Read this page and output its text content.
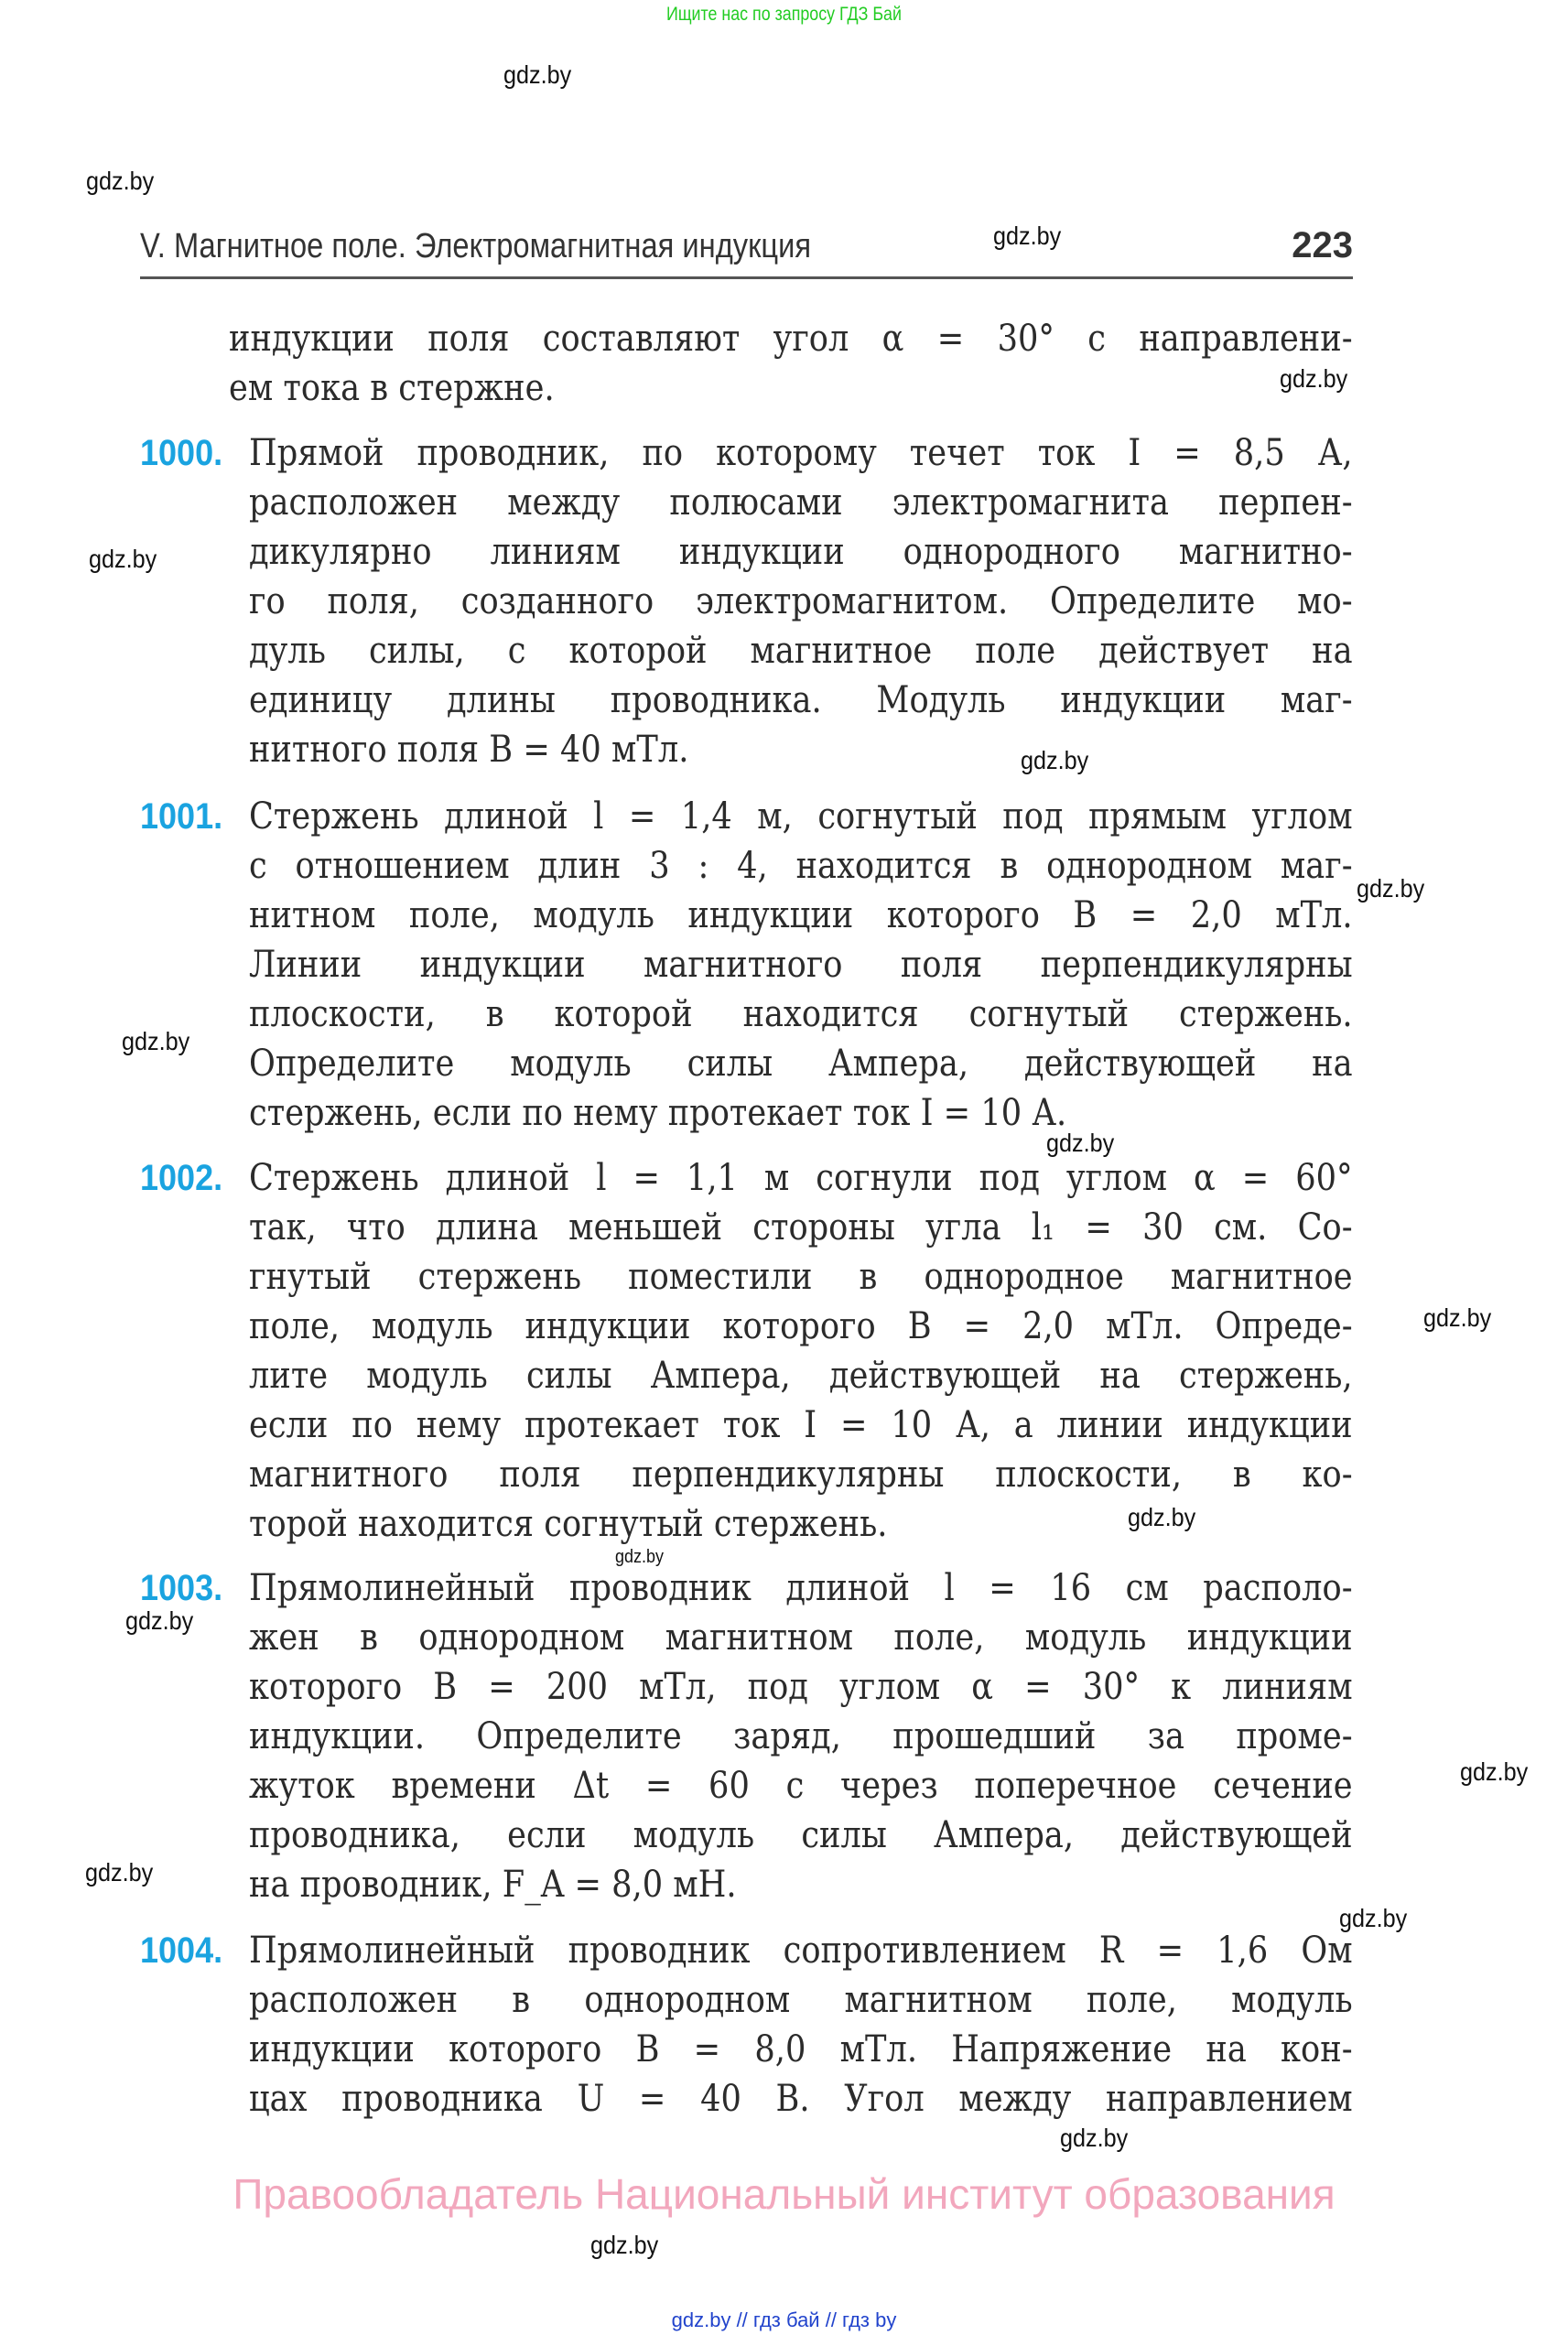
Ищите нас по запросу ГДЗ Бай
gdz.by
gdz.by
gdz.by
gdz.by
gdz.by
gdz.by
gdz.by
gdz.by
gdz.by
gdz.by
gdz.by
gdz.by
gdz.by
gdz.by
gdz.by
gdz.by
gdz.by
gdz.by
V. Магнитное поле. Электромагнитная индукция	223
индукции поля составляют угол α = 30° с направлени-
ем тока в стержне.
1000. Прямой проводник, по которому течет ток I = 8,5 А,
расположен между полюсами электромагнита перпен-
дикулярно линиям индукции однородного магнитно-
го поля, созданного электромагнитом. Определите мо-
дуль силы, с которой магнитное поле действует на
единицу длины проводника. Модуль индукции маг-
нитного поля B = 40 мТл.
1001. Стержень длиной l = 1,4 м, согнутый под прямым углом
с отношением длин 3 : 4, находится в однородном маг-
нитном поле, модуль индукции которого B = 2,0 мТл.
Линии индукции магнитного поля перпендикулярны
плоскости, в которой находится согнутый стержень.
Определите модуль силы Ампера, действующей на
стержень, если по нему протекает ток I = 10 А.
1002. Стержень длиной l = 1,1 м согнули под углом α = 60°
так, что длина меньшей стороны угла l₁ = 30 см. Со-
гнутый стержень поместили в однородное магнитное
поле, модуль индукции которого B = 2,0 мТл. Опреде-
лите модуль силы Ампера, действующей на стержень,
если по нему протекает ток I = 10 А, а линии индукции
магнитного поля перпендикулярны плоскости, в ко-
торой находится согнутый стержень.
1003. Прямолинейный проводник длиной l = 16 см располо-
жен в однородном магнитном поле, модуль индукции
которого B = 200 мТл, под углом α = 30° к линиям
индукции. Определите заряд, прошедший за проме-
жуток времени Δt = 60 с через поперечное сечение
проводника, если модуль силы Ампера, действующей
на проводник, F_A = 8,0 мН.
1004. Прямолинейный проводник сопротивлением R = 1,6 Ом
расположен в однородном магнитном поле, модуль
индукции которого B = 8,0 мТл. Напряжение на кон-
цах проводника U = 40 В. Угол между направлением
Правообладатель Национальный институт образования
gdz.by // гдз бай // гдз by
